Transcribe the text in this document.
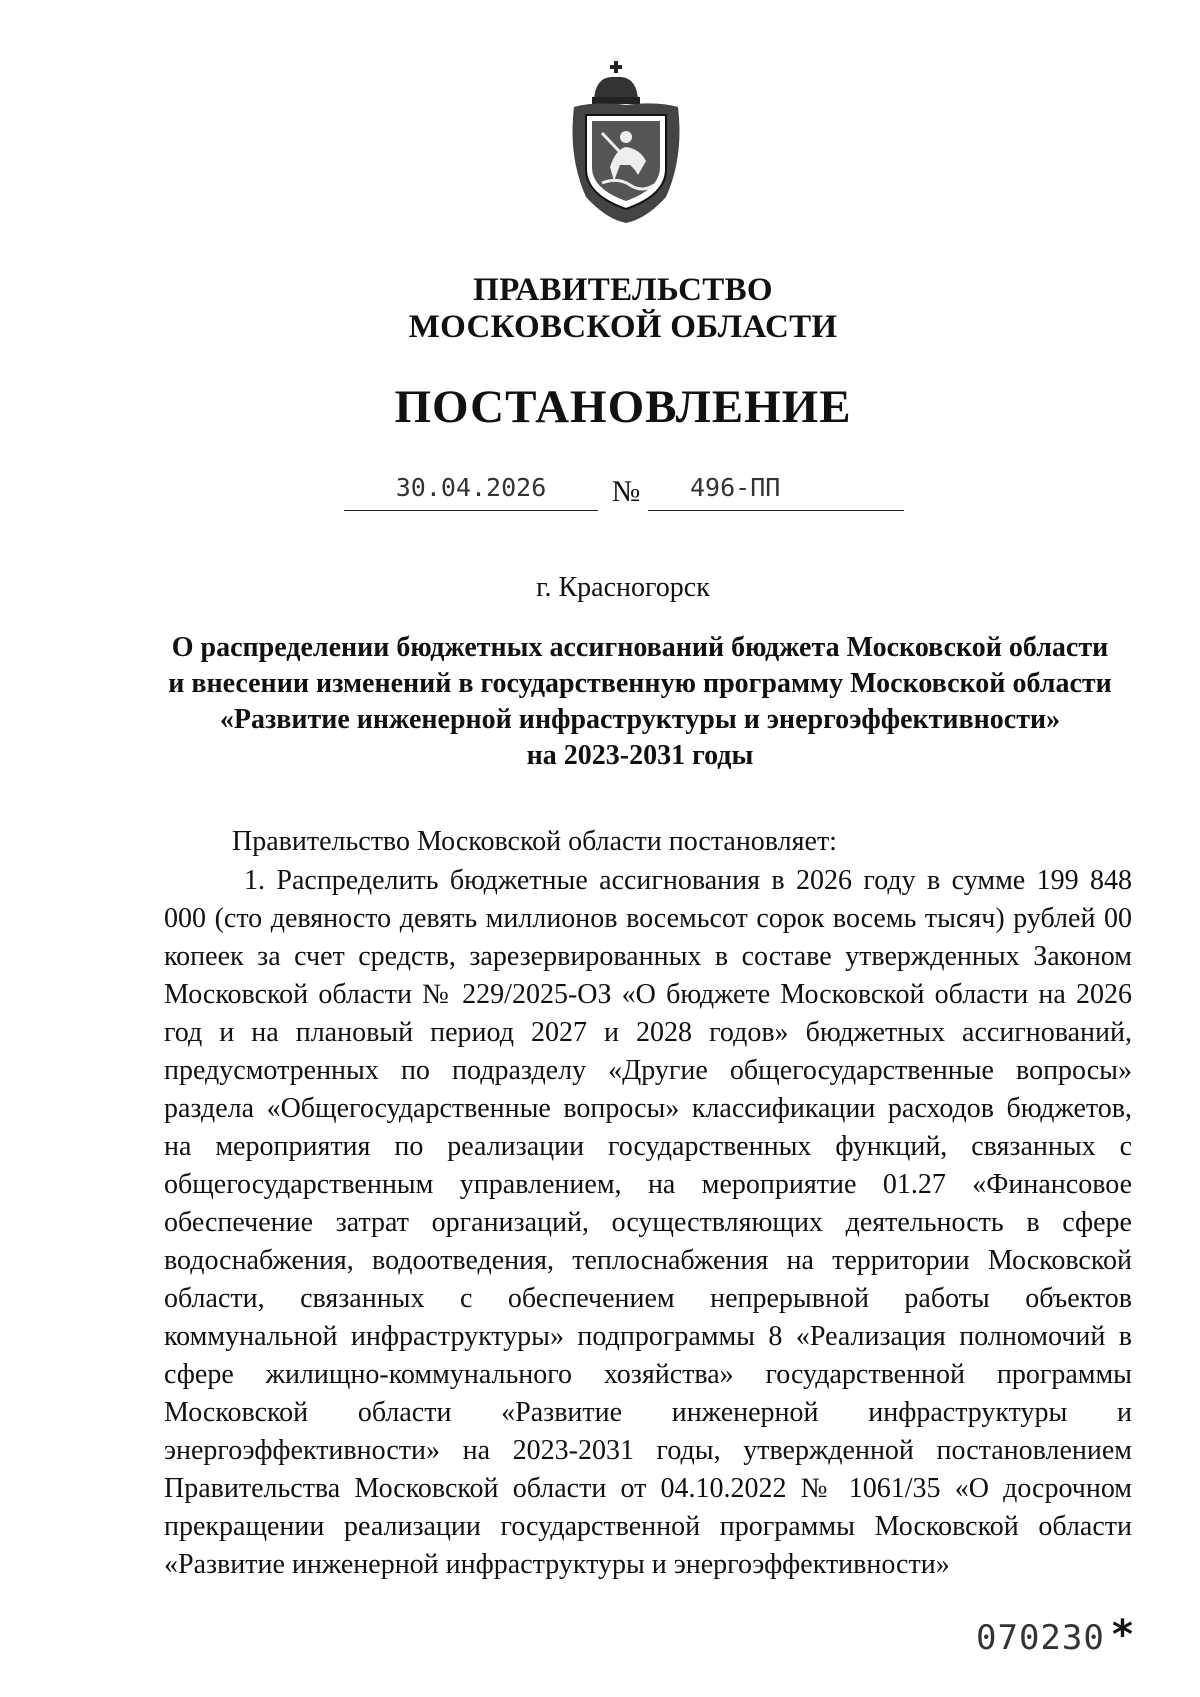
ПРАВИТЕЛЬСТВО
МОСКОВСКОЙ ОБЛАСТИ
ПОСТАНОВЛЕНИЕ
30.04.2026	№	496-ПП
г. Красногорск
О распределении бюджетных ассигнований бюджета Московской области
и внесении изменений в государственную программу Московской области
«Развитие инженерной инфраструктуры и энергоэффективности»
на 2023-2031 годы
Правительство Московской области постановляет:
1. Распределить бюджетные ассигнования в 2026 году в сумме 199 848 000 (сто девяносто девять миллионов восемьсот сорок восемь тысяч) рублей 00 копеек за счет средств, зарезервированных в составе утвержденных Законом Московской области № 229/2025-ОЗ «О бюджете Московской области на 2026 год и на плановый период 2027 и 2028 годов» бюджетных ассигнований, предусмотренных по подразделу «Другие общегосударственные вопросы» раздела «Общегосударственные вопросы» классификации расходов бюджетов, на мероприятия по реализации государственных функций, связанных с общегосударственным управлением, на мероприятие 01.27 «Финансовое обеспечение затрат организаций, осуществляющих деятельность в сфере водоснабжения, водоотведения, теплоснабжения на территории Московской области, связанных с обеспечением непрерывной работы объектов коммунальной инфраструктуры» подпрограммы 8 «Реализация полномочий в сфере жилищно-коммунального хозяйства» государственной программы Московской области «Развитие инженерной инфраструктуры и энергоэффективности» на 2023-2031 годы, утвержденной постановлением Правительства Московской области от 04.10.2022 № 1061/35 «О досрочном прекращении реализации государственной программы Московской области «Развитие инженерной инфраструктуры и энергоэффективности»
070230 *
